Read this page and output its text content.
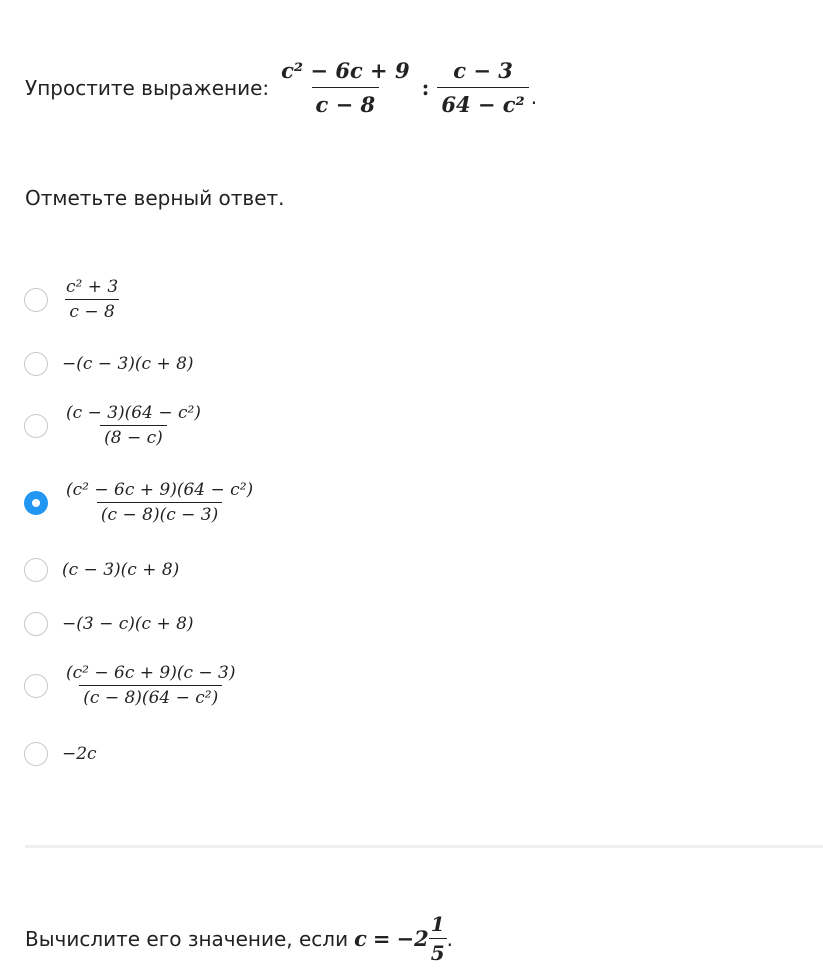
Упростите выражение: $\frac{\text{c² − 6c + 9}}{c - 8}$ : $\frac{c - 3}{\text{64 − c²}}$ .
Отметьте верный ответ.
$\frac{\text{c² + 3}}{c - 8}$
−(c − 3)(c + 8)
$\frac{\text{(c − 3)(64 − c²)}}{(8 - c)}$
$\frac{\text{(c² − 6c + 9)(64 − c²)}}{(c - 8)(c - 3)}$
(c − 3)(c + 8)
−(3 − c)(c + 8)
$\frac{\text{(c² − 6c + 9)(c − 3)}}{\text{(c − 8)(64 − c²)}}$
−2c
Вычислите его значение, если $c = -2 \frac{1}{5}$ .
